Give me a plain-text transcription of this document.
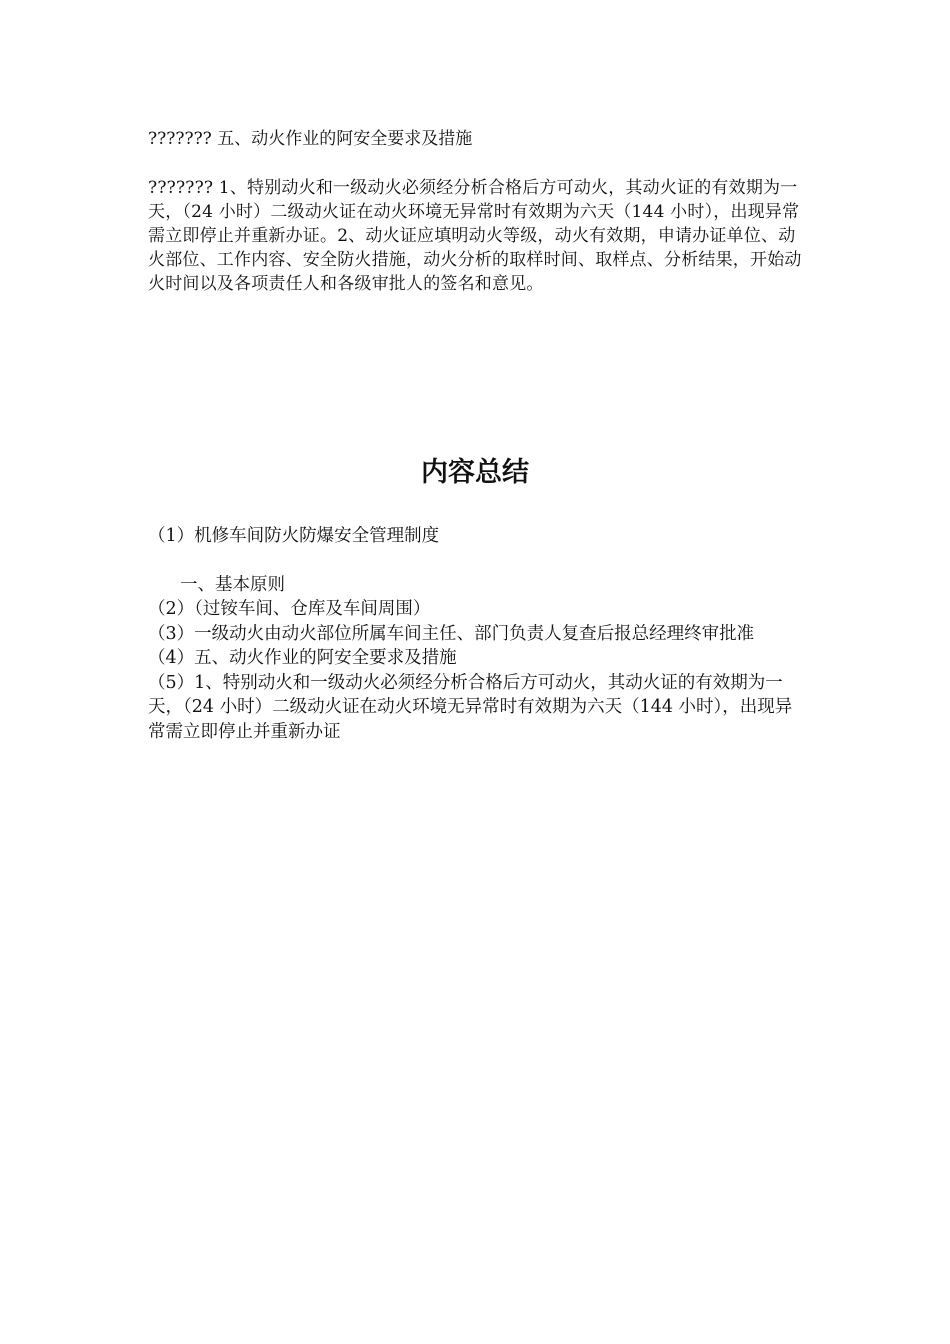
??????? 五、动火作业的阿安全要求及措施

??????? 1、特别动火和一级动火必须经分析合格后方可动火，其动火证的有效期为一天，（24 小时）二级动火证在动火环境无异常时有效期为六天（144 小时），出现异常需立即停止并重新办证。2、动火证应填明动火等级，动火有效期，申请办证单位、动火部位、工作内容、安全防火措施，动火分析的取样时间、取样点、分析结果，开始动火时间以及各项责任人和各级审批人的签名和意见。

内容总结

（1）机修车间防火防爆安全管理制度

一、基本原则

（2）（过铵车间、仓库及车间周围）

（3）一级动火由动火部位所属车间主任、部门负责人复查后报总经理终审批准

（4）五、动火作业的阿安全要求及措施

（5）1、特别动火和一级动火必须经分析合格后方可动火，其动火证的有效期为一天，（24 小时）二级动火证在动火环境无异常时有效期为六天（144 小时），出现异常需立即停止并重新办证
